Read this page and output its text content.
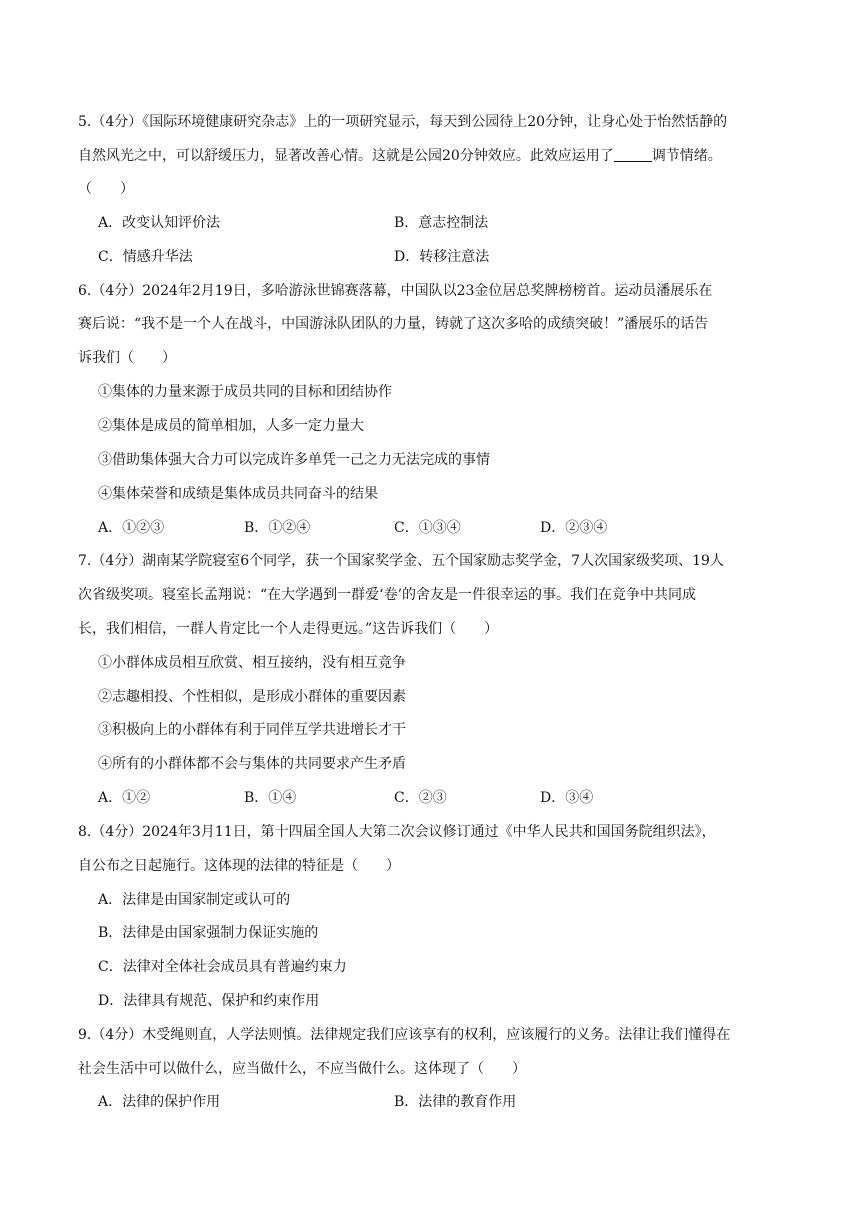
5.（4分）《国际环境健康研究杂志》上的一项研究显示，每天到公园待上20分钟，让身心处于怡然恬静的
自然风光之中，可以舒缓压力，显著改善心情。这就是公园20分钟效应。此效应运用了	调节情绪。
（　　）
A．改变认知评价法	B．意志控制法
C．情感升华法	D．转移注意法
6.（4分）2024年2月19日，多哈游泳世锦赛落幕，中国队以23金位居总奖牌榜榜首。运动员潘展乐在
赛后说：“我不是一个人在战斗，中国游泳队团队的力量，铸就了这次多哈的成绩突破！”潘展乐的话告
诉我们（　　）
①集体的力量来源于成员共同的目标和团结协作
②集体是成员的简单相加，人多一定力量大
③借助集体强大合力可以完成许多单凭一己之力无法完成的事情
④集体荣誉和成绩是集体成员共同奋斗的结果
A．①②③	B．①②④	C．①③④	D．②③④
7.（4分）湖南某学院寝室6个同学，获一个国家奖学金、五个国家励志奖学金，7人次国家级奖项、19人
次省级奖项。寝室长孟翔说：“在大学遇到一群爱‘卷’的舍友是一件很幸运的事。我们在竞争中共同成
长，我们相信，一群人肯定比一个人走得更远。”这告诉我们（　　）
①小群体成员相互欣赏、相互接纳，没有相互竞争
②志趣相投、个性相似，是形成小群体的重要因素
③积极向上的小群体有利于同伴互学共进增长才干
④所有的小群体都不会与集体的共同要求产生矛盾
A．①②	B．①④	C．②③	D．③④
8.（4分）2024年3月11日，第十四届全国人大第二次会议修订通过《中华人民共和国国务院组织法》，
自公布之日起施行。这体现的法律的特征是（　　）
A．法律是由国家制定或认可的
B．法律是由国家强制力保证实施的
C．法律对全体社会成员具有普遍约束力
D．法律具有规范、保护和约束作用
9.（4分）木受绳则直，人学法则慎。法律规定我们应该享有的权利，应该履行的义务。法律让我们懂得在
社会生活中可以做什么，应当做什么，不应当做什么。这体现了（　　）
A．法律的保护作用	B．法律的教育作用
